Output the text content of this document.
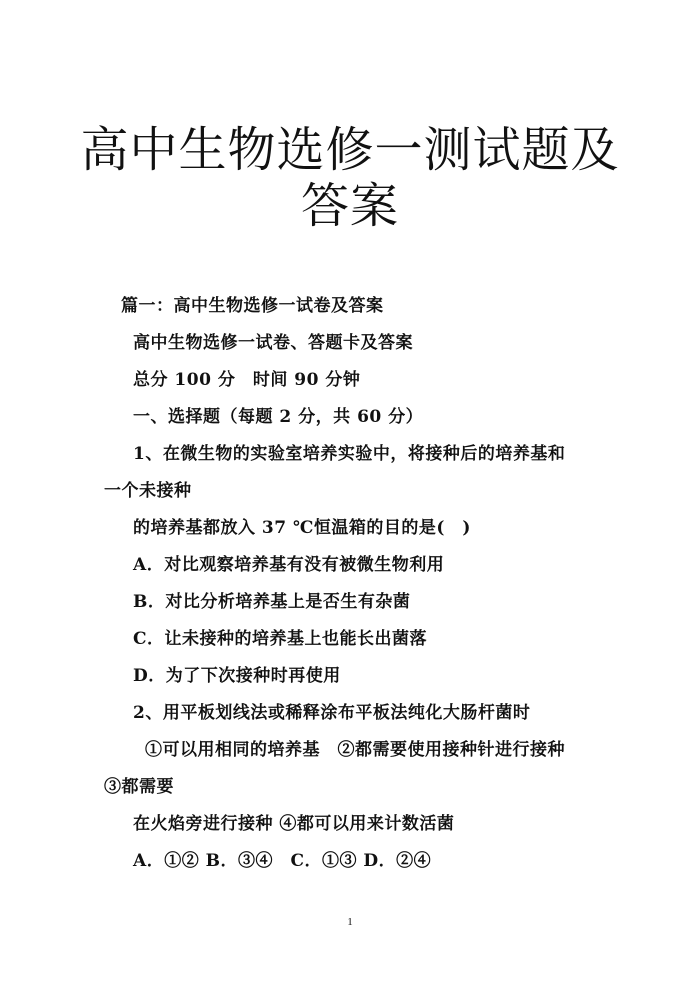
高中生物选修一测试题及
答案
篇一：高中生物选修一试卷及答案
高中生物选修一试卷、答题卡及答案
总分 100 分　时间 90 分钟
一、选择题（每题 2 分，共 60 分）
1、在微生物的实验室培养实验中，将接种后的培养基和
一个未接种
的培养基都放入 37 ℃恒温箱的目的是(　)
A．对比观察培养基有没有被微生物利用
B．对比分析培养基上是否生有杂菌
C．让未接种的培养基上也能长出菌落
D．为了下次接种时再使用
2、用平板划线法或稀释涂布平板法纯化大肠杆菌时
①可以用相同的培养基　②都需要使用接种针进行接种
③都需要
在火焰旁进行接种 ④都可以用来计数活菌
A．①② B．③④　C．①③ D．②④
1
